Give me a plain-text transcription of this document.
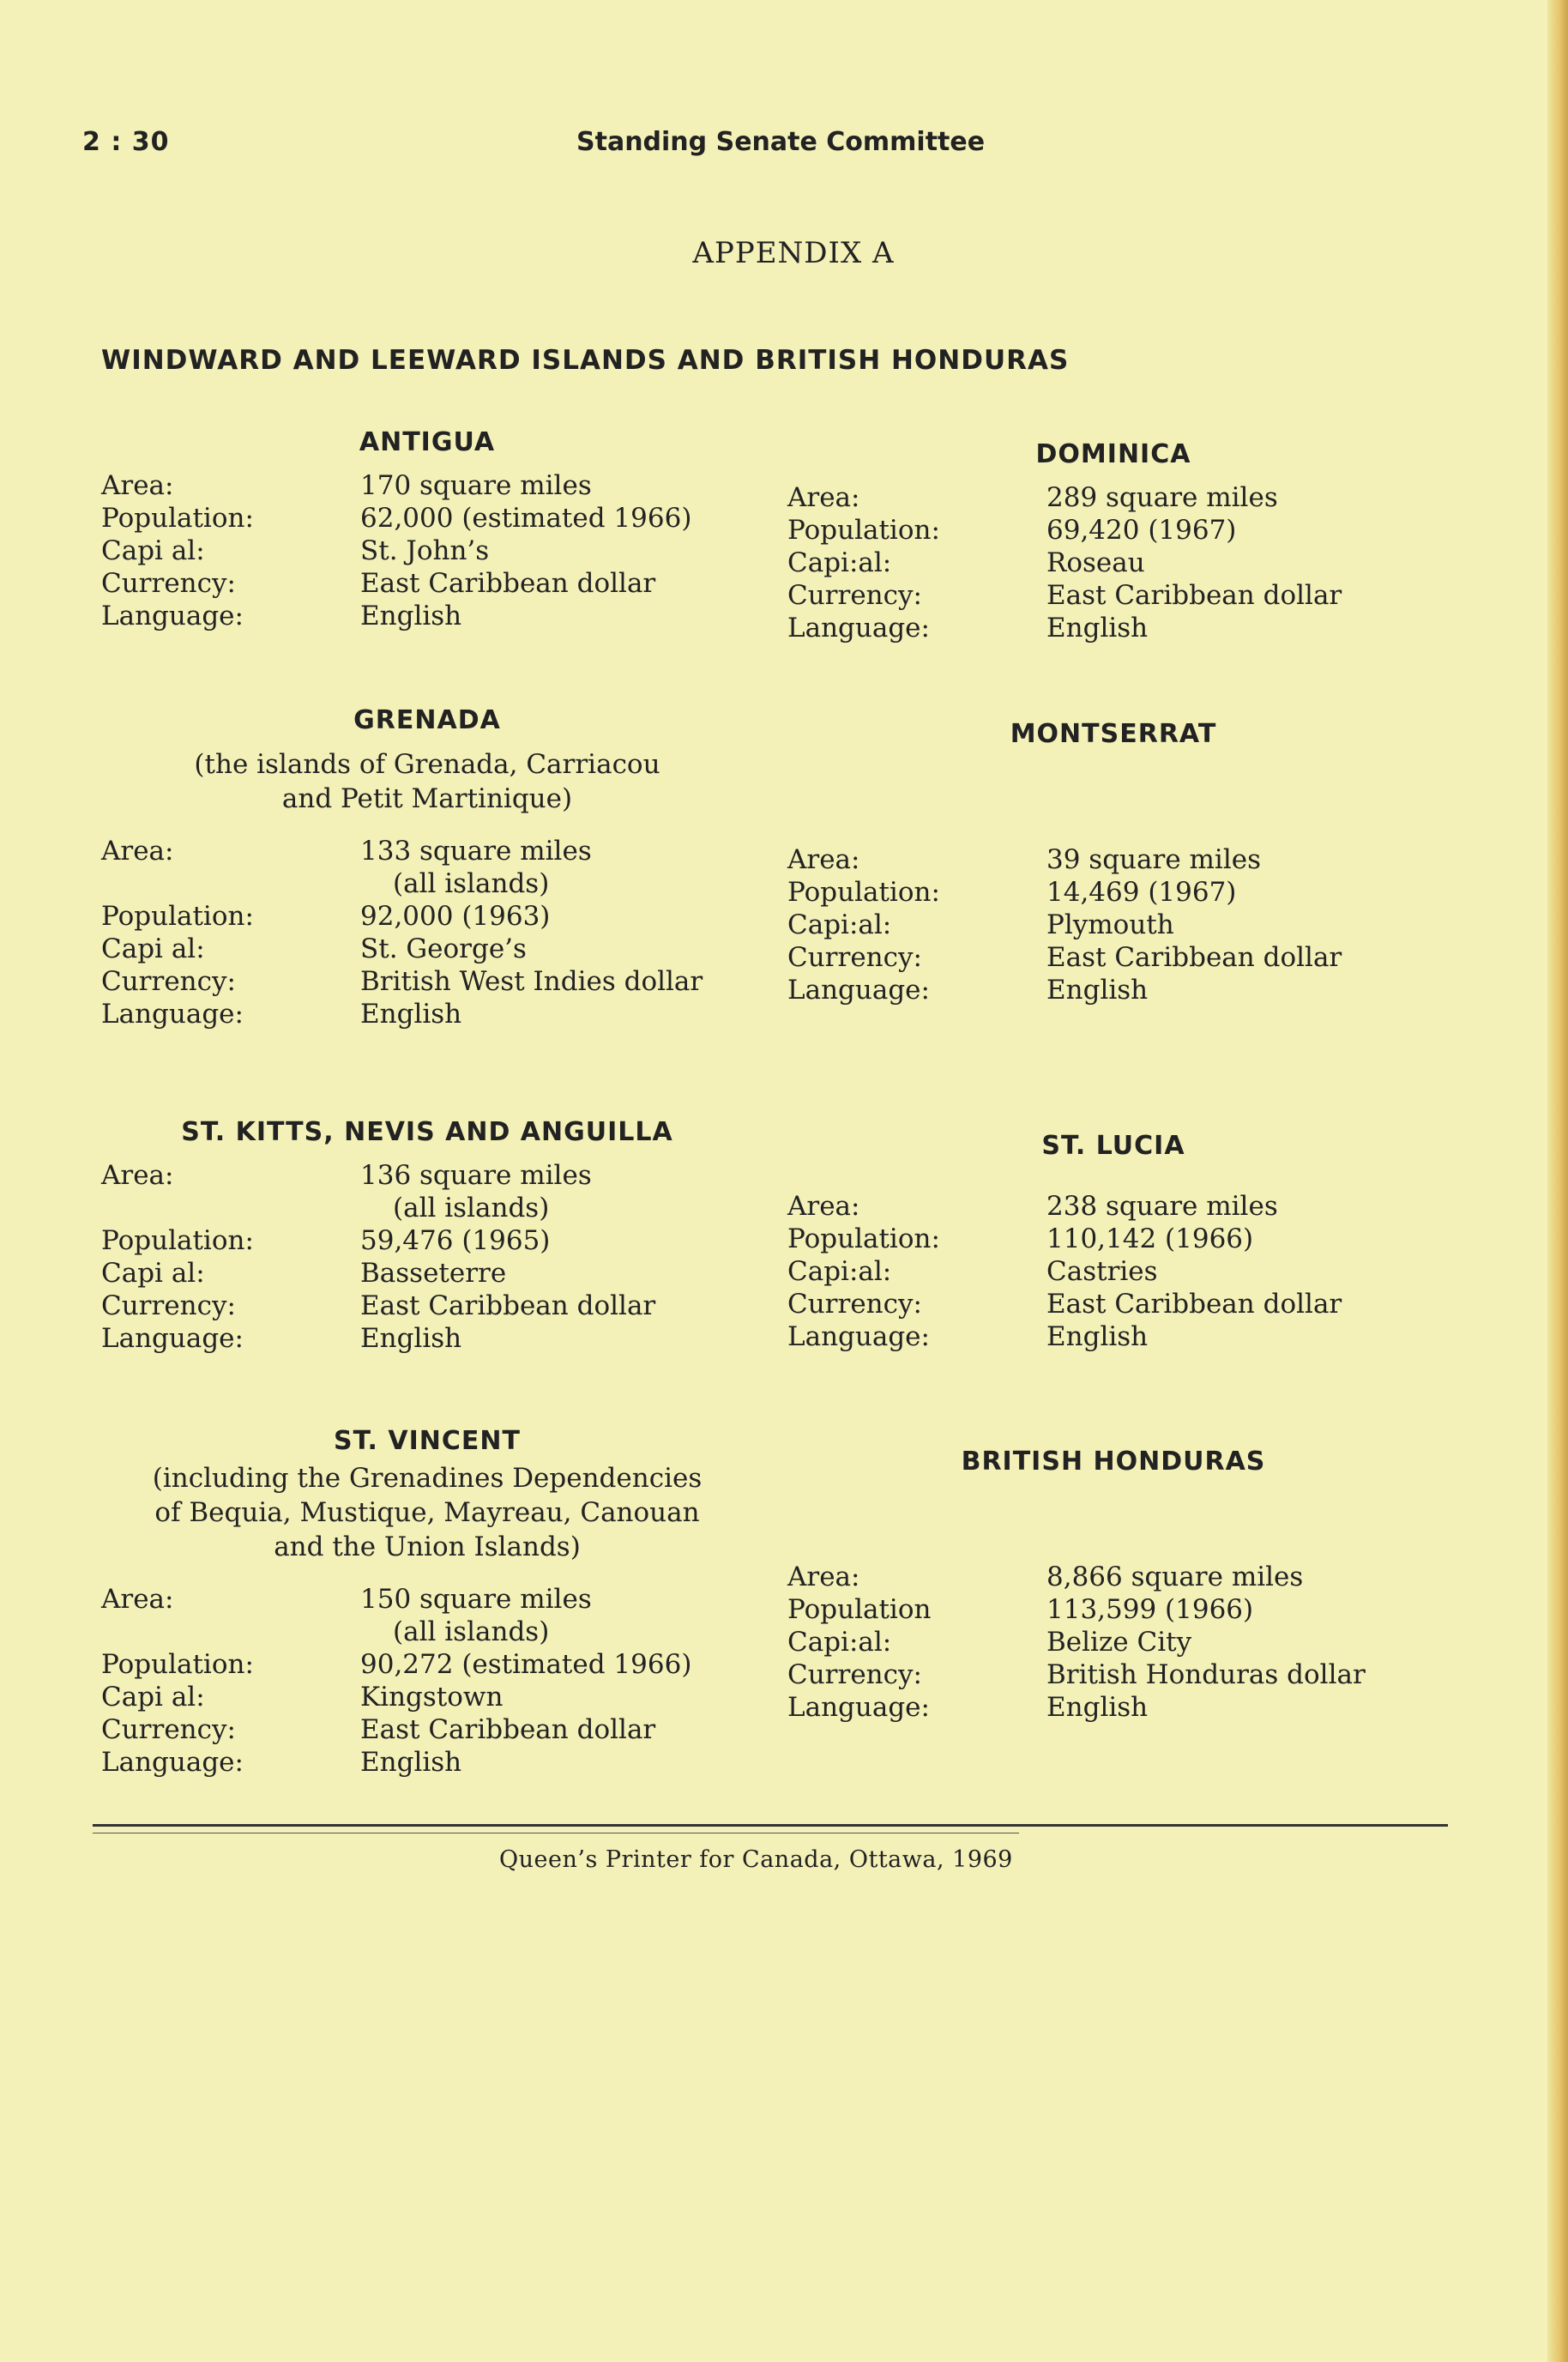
2 : 30	Standing Senate Committee
APPENDIX A
WINDWARD AND LEEWARD ISLANDS AND BRITISH HONDURAS
ANTIGUA
Area:	170 square miles
Population:	62,000 (estimated 1966)
Capi al:	St. John’s
Currency:	East Caribbean dollar
Language:	English
DOMINICA
Area:	289 square miles
Population:	69,420 (1967)
Capi:al:	Roseau
Currency:	East Caribbean dollar
Language:	English
GRENADA
(the islands of Grenada, Carriacou
and Petit Martinique)
Area:	133 square miles
(all islands)
Population:	92,000 (1963)
Capi al:	St. George’s
Currency:	British West Indies dollar
Language:	English
MONTSERRAT
Area:	39 square miles
Population:	14,469 (1967)
Capi:al:	Plymouth
Currency:	East Caribbean dollar
Language:	English
ST. KITTS, NEVIS AND ANGUILLA
Area:	136 square miles
(all islands)
Population:	59,476 (1965)
Capi al:	Basseterre
Currency:	East Caribbean dollar
Language:	English
ST. LUCIA
Area:	238 square miles
Population:	110,142 (1966)
Capi:al:	Castries
Currency:	East Caribbean dollar
Language:	English
ST. VINCENT
(including the Grenadines Dependencies
of Bequia, Mustique, Mayreau, Canouan
and the Union Islands)
Area:	150 square miles
(all islands)
Population:	90,272 (estimated 1966)
Capi al:	Kingstown
Currency:	East Caribbean dollar
Language:	English
BRITISH HONDURAS
Area:	8,866 square miles
Population	113,599 (1966)
Capi:al:	Belize City
Currency:	British Honduras dollar
Language:	English
Queen’s Printer for Canada, Ottawa, 1969
